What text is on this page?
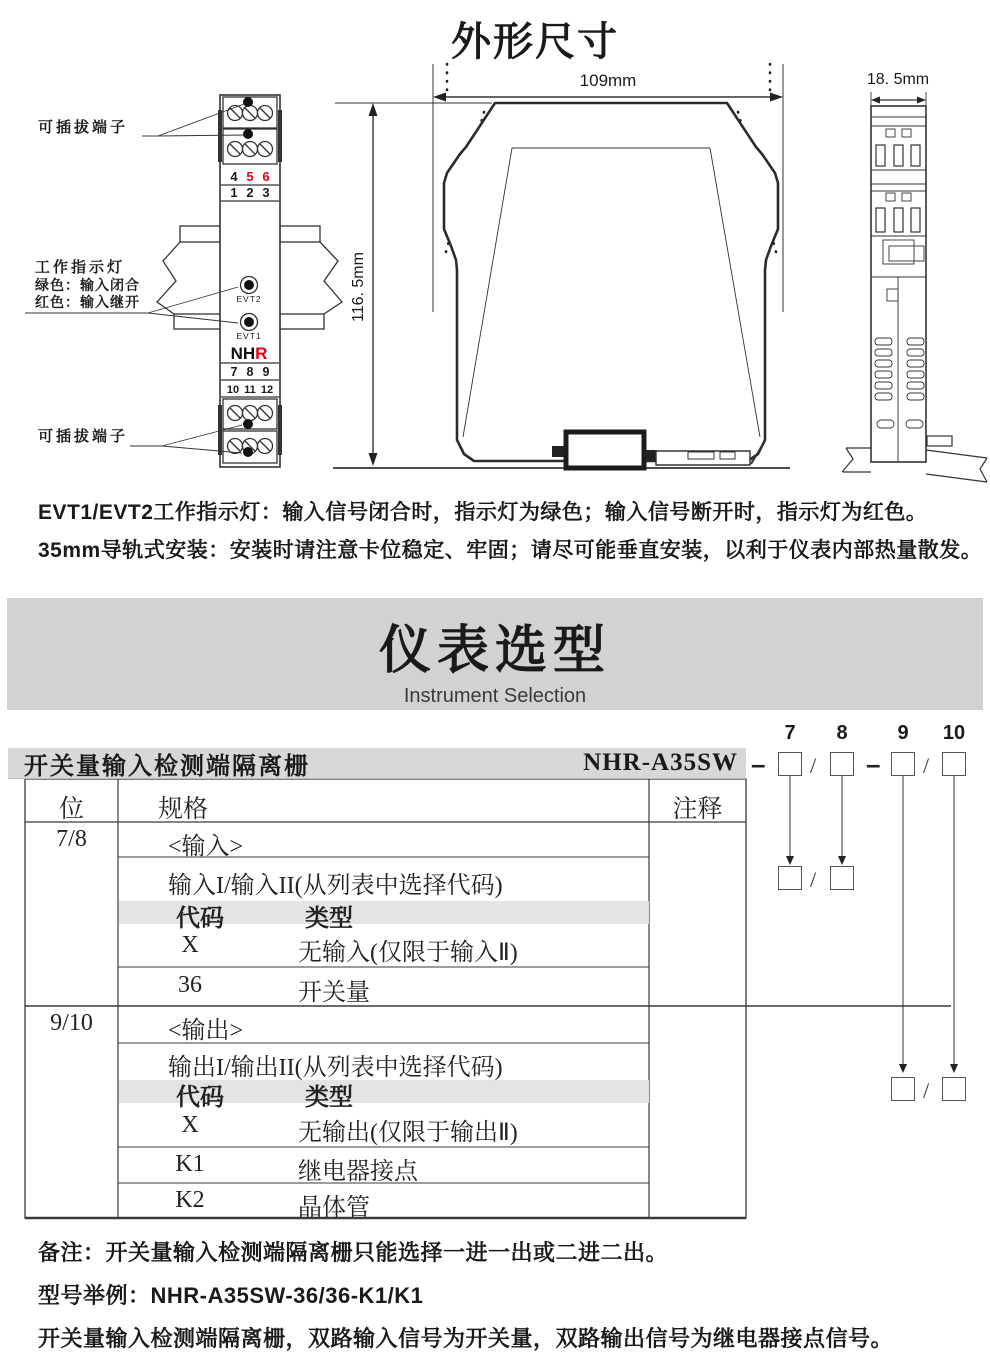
外形尺寸
4 5 6
1 2 3
EVT2
EVT1
NHR
7 8 9
10 11 12
可插拔端子
工作指示灯
绿色：输入闭合
红色：输入继开
可插拔端子
109mm
116. 5mm
18. 5mm
EVT1/EVT2工作指示灯：输入信号闭合时，指示灯为绿色；输入信号断开时，指示灯为红色。
35mm导轨式安装：安装时请注意卡位稳定、牢固；请尽可能垂直安装，以利于仪表内部热量散发。
仪表选型
Instrument Selection
开关量输入检测端隔离栅	NHR-A35SW
7	8	9	10
– / – /
/
/
位	规格	注释
7/8	<输入>
输入I/输入II(从列表中选择代码)
代码	类型
X	无输入(仅限于输入Ⅱ)
36	开关量
9/10	<输出>
输出I/输出II(从列表中选择代码)
代码	类型
X	无输出(仅限于输出Ⅱ)
K1	继电器接点
K2	晶体管
备注：开关量输入检测端隔离栅只能选择一进一出或二进二出。
型号举例：NHR-A35SW-36/36-K1/K1
开关量输入检测端隔离栅，双路输入信号为开关量，双路输出信号为继电器接点信号。
